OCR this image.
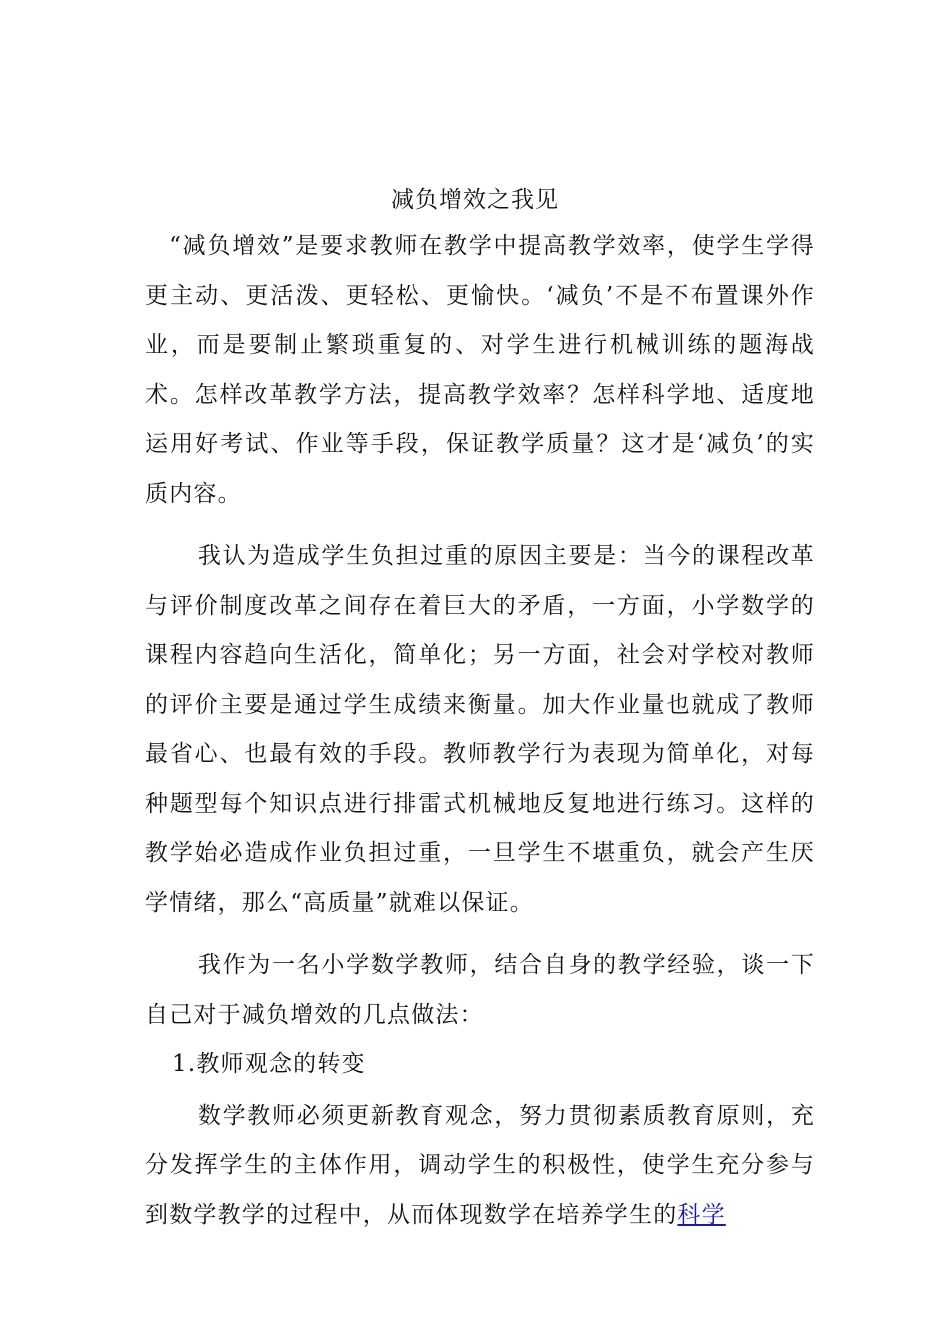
减负增效之我见

“减负增效”是要求教师在教学中提高教学效率，使学生学得更主动、更活泼、更轻松、更愉快。‘减负’不是不布置课外作业，而是要制止繁琐重复的、对学生进行机械训练的题海战术。怎样改革教学方法，提高教学效率？怎样科学地、适度地运用好考试、作业等手段，保证教学质量？这才是‘减负’的实质内容。

我认为造成学生负担过重的原因主要是：当今的课程改革与评价制度改革之间存在着巨大的矛盾，一方面，小学数学的课程内容趋向生活化，简单化；另一方面，社会对学校对教师的评价主要是通过学生成绩来衡量。加大作业量也就成了教师最省心、也最有效的手段。教师教学行为表现为简单化，对每种题型每个知识点进行排雷式机械地反复地进行练习。这样的教学始必造成作业负担过重，一旦学生不堪重负，就会产生厌学情绪，那么“高质量”就难以保证。

我作为一名小学数学教师，结合自身的教学经验，谈一下自己对于减负增效的几点做法：

1.教师观念的转变

数学教师必须更新教育观念，努力贯彻素质教育原则，充分发挥学生的主体作用，调动学生的积极性，使学生充分参与到数学教学的过程中，从而体现数学在培养学生的科学
